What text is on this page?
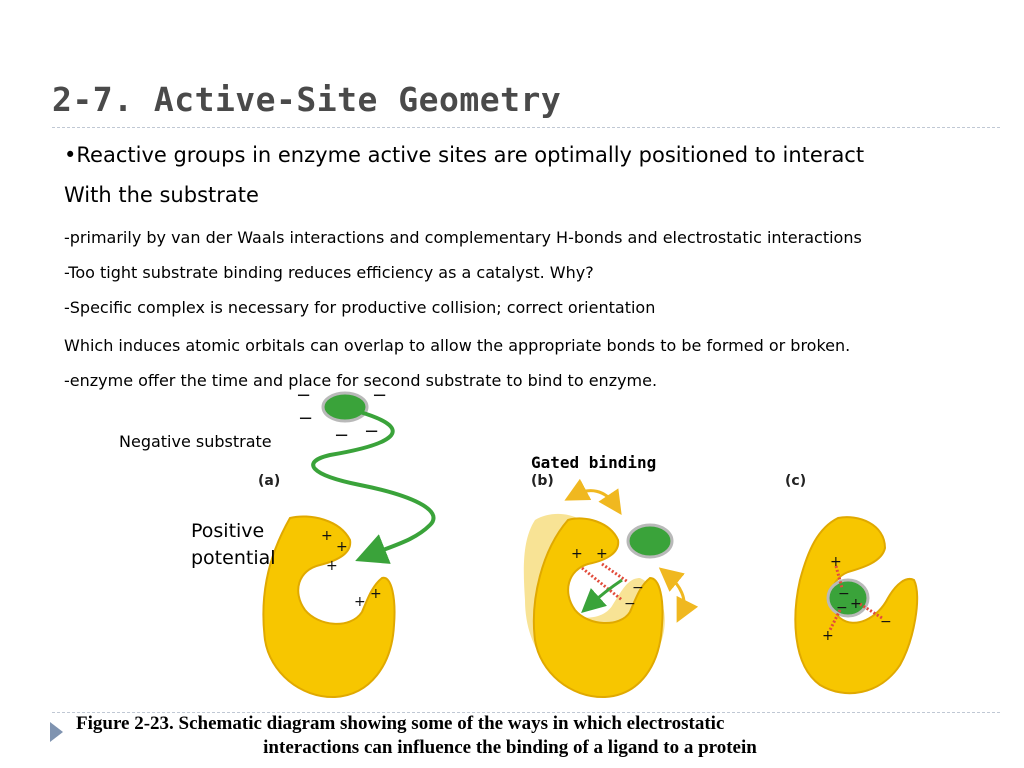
2-7. Active-Site Geometry
•Reactive groups in enzyme active sites are optimally positioned to interact
With the substrate
-primarily by van der Waals interactions and complementary H-bonds and electrostatic interactions
-Too tight substrate binding reduces efficiency as a catalyst. Why?
-Specific complex is necessary for productive collision; correct orientation
Which induces atomic orbitals can overlap to allow the appropriate bonds to be formed or broken.
-enzyme offer the time and place for second substrate to bind to enzyme.
−
−
−
− −
+
+
+
+ +
+ +
−
−
+
−
− +
−
+
(a)	(b)	(c)
Negative substrate
Gated binding
Positive
potential
Figure 2-23. Schematic diagram showing some of the ways in which electrostatic
interactions can influence the binding of a ligand to a protein
